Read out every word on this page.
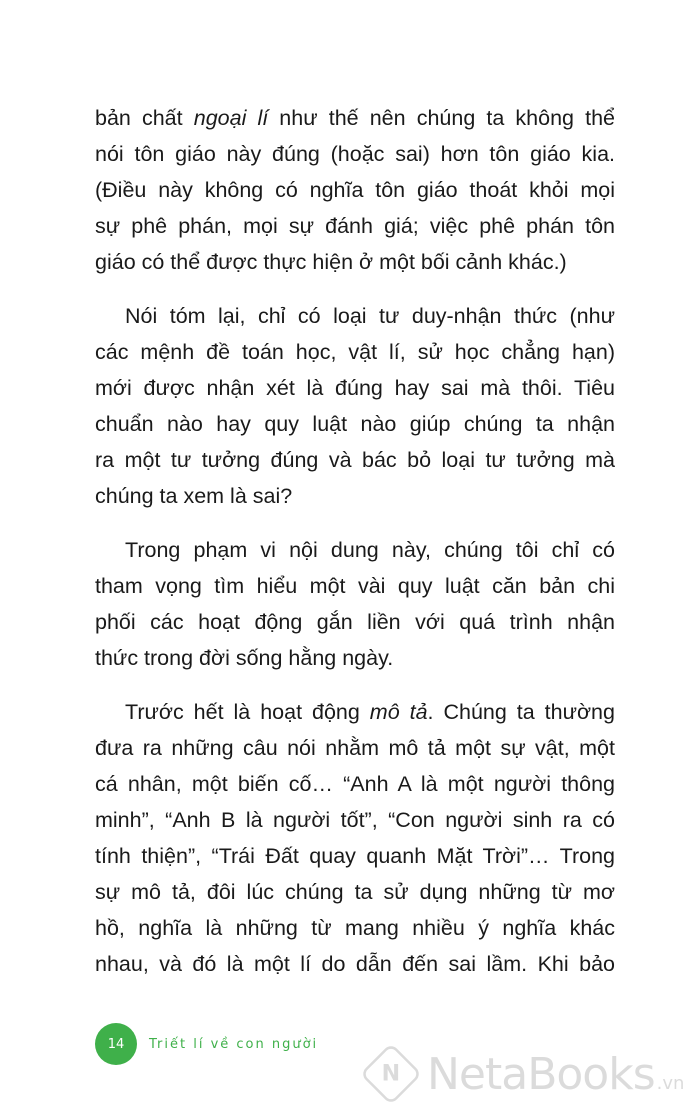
bản chất ngoại lí như thế nên chúng ta không thể
nói tôn giáo này đúng (hoặc sai) hơn tôn giáo kia.
(Điều này không có nghĩa tôn giáo thoát khỏi mọi
sự phê phán, mọi sự đánh giá; việc phê phán tôn
giáo có thể được thực hiện ở một bối cảnh khác.)

Nói tóm lại, chỉ có loại tư duy-nhận thức (như
các mệnh đề toán học, vật lí, sử học chẳng hạn)
mới được nhận xét là đúng hay sai mà thôi. Tiêu
chuẩn nào hay quy luật nào giúp chúng ta nhận
ra một tư tưởng đúng và bác bỏ loại tư tưởng mà
chúng ta xem là sai?

Trong phạm vi nội dung này, chúng tôi chỉ có
tham vọng tìm hiểu một vài quy luật căn bản chi
phối các hoạt động gắn liền với quá trình nhận
thức trong đời sống hằng ngày.

Trước hết là hoạt động mô tả. Chúng ta thường
đưa ra những câu nói nhằm mô tả một sự vật, một
cá nhân, một biến cố… “Anh A là một người thông
minh”, “Anh B là người tốt”, “Con người sinh ra có
tính thiện”, “Trái Đất quay quanh Mặt Trời”… Trong
sự mô tả, đôi lúc chúng ta sử dụng những từ mơ
hồ, nghĩa là những từ mang nhiều ý nghĩa khác
nhau, và đó là một lí do dẫn đến sai lầm. Khi bảo

14 Triết lí về con người
N NetaBooks .vn
